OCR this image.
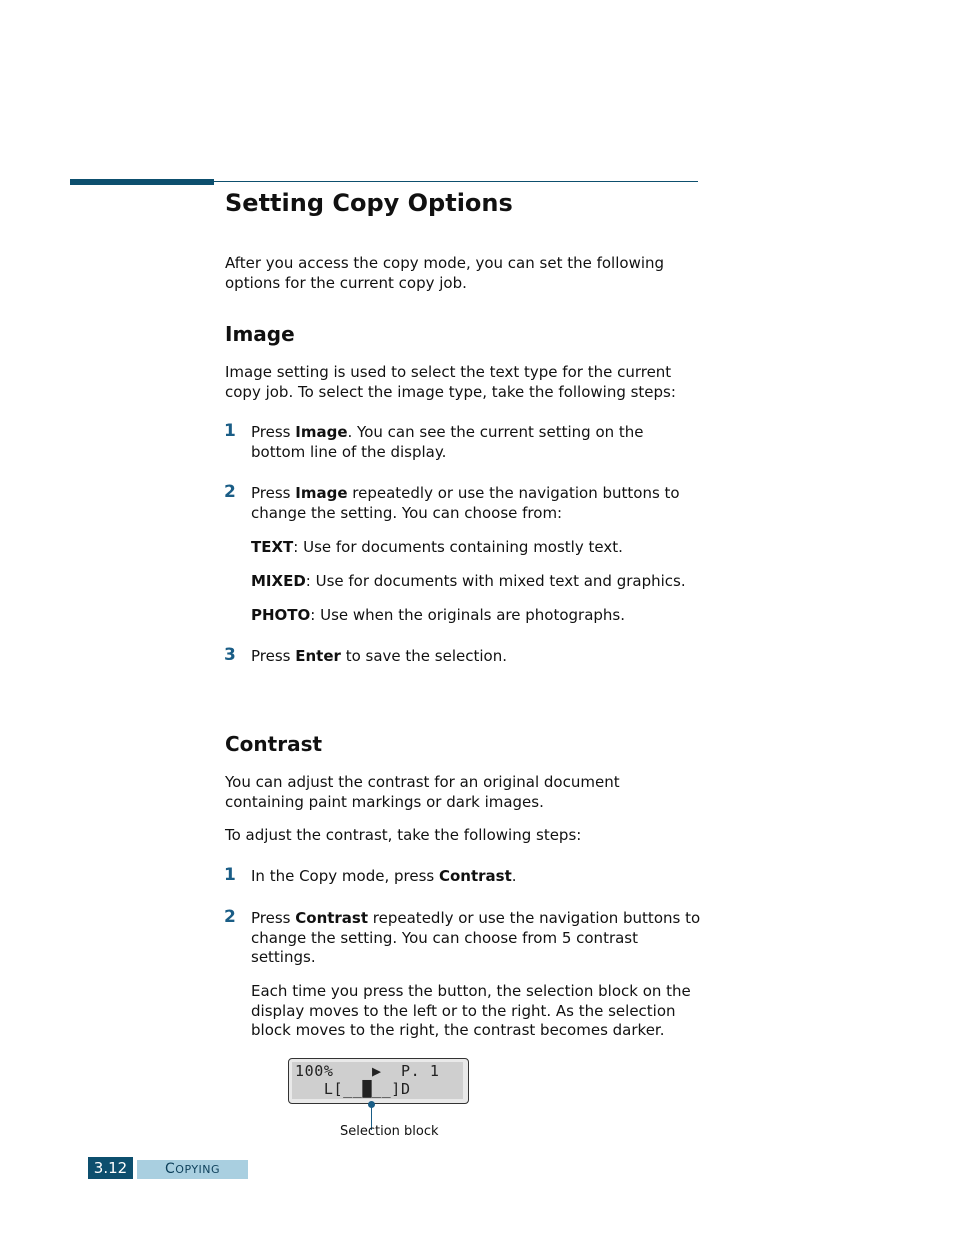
Setting Copy Options

After you access the copy mode, you can set the following options for the current copy job.

Image

Image setting is used to select the text type for the current copy job. To select the image type, take the following steps:

1 Press Image. You can see the current setting on the bottom line of the display.

2 Press Image repeatedly or use the navigation buttons to change the setting. You can choose from:

TEXT: Use for documents containing mostly text.

MIXED: Use for documents with mixed text and graphics.

PHOTO: Use when the originals are photographs.

3 Press Enter to save the selection.

Contrast

You can adjust the contrast for an original document containing paint markings or dark images.

To adjust the contrast, take the following steps:

1 In the Copy mode, press Contrast.

2 Press Contrast repeatedly or use the navigation buttons to change the setting. You can choose from 5 contrast settings.

Each time you press the button, the selection block on the display moves to the left or to the right. As the selection block moves to the right, the contrast becomes darker.

100%    ▶  P. 1
L[__█__]D
Selection block
3.12	COPYING
